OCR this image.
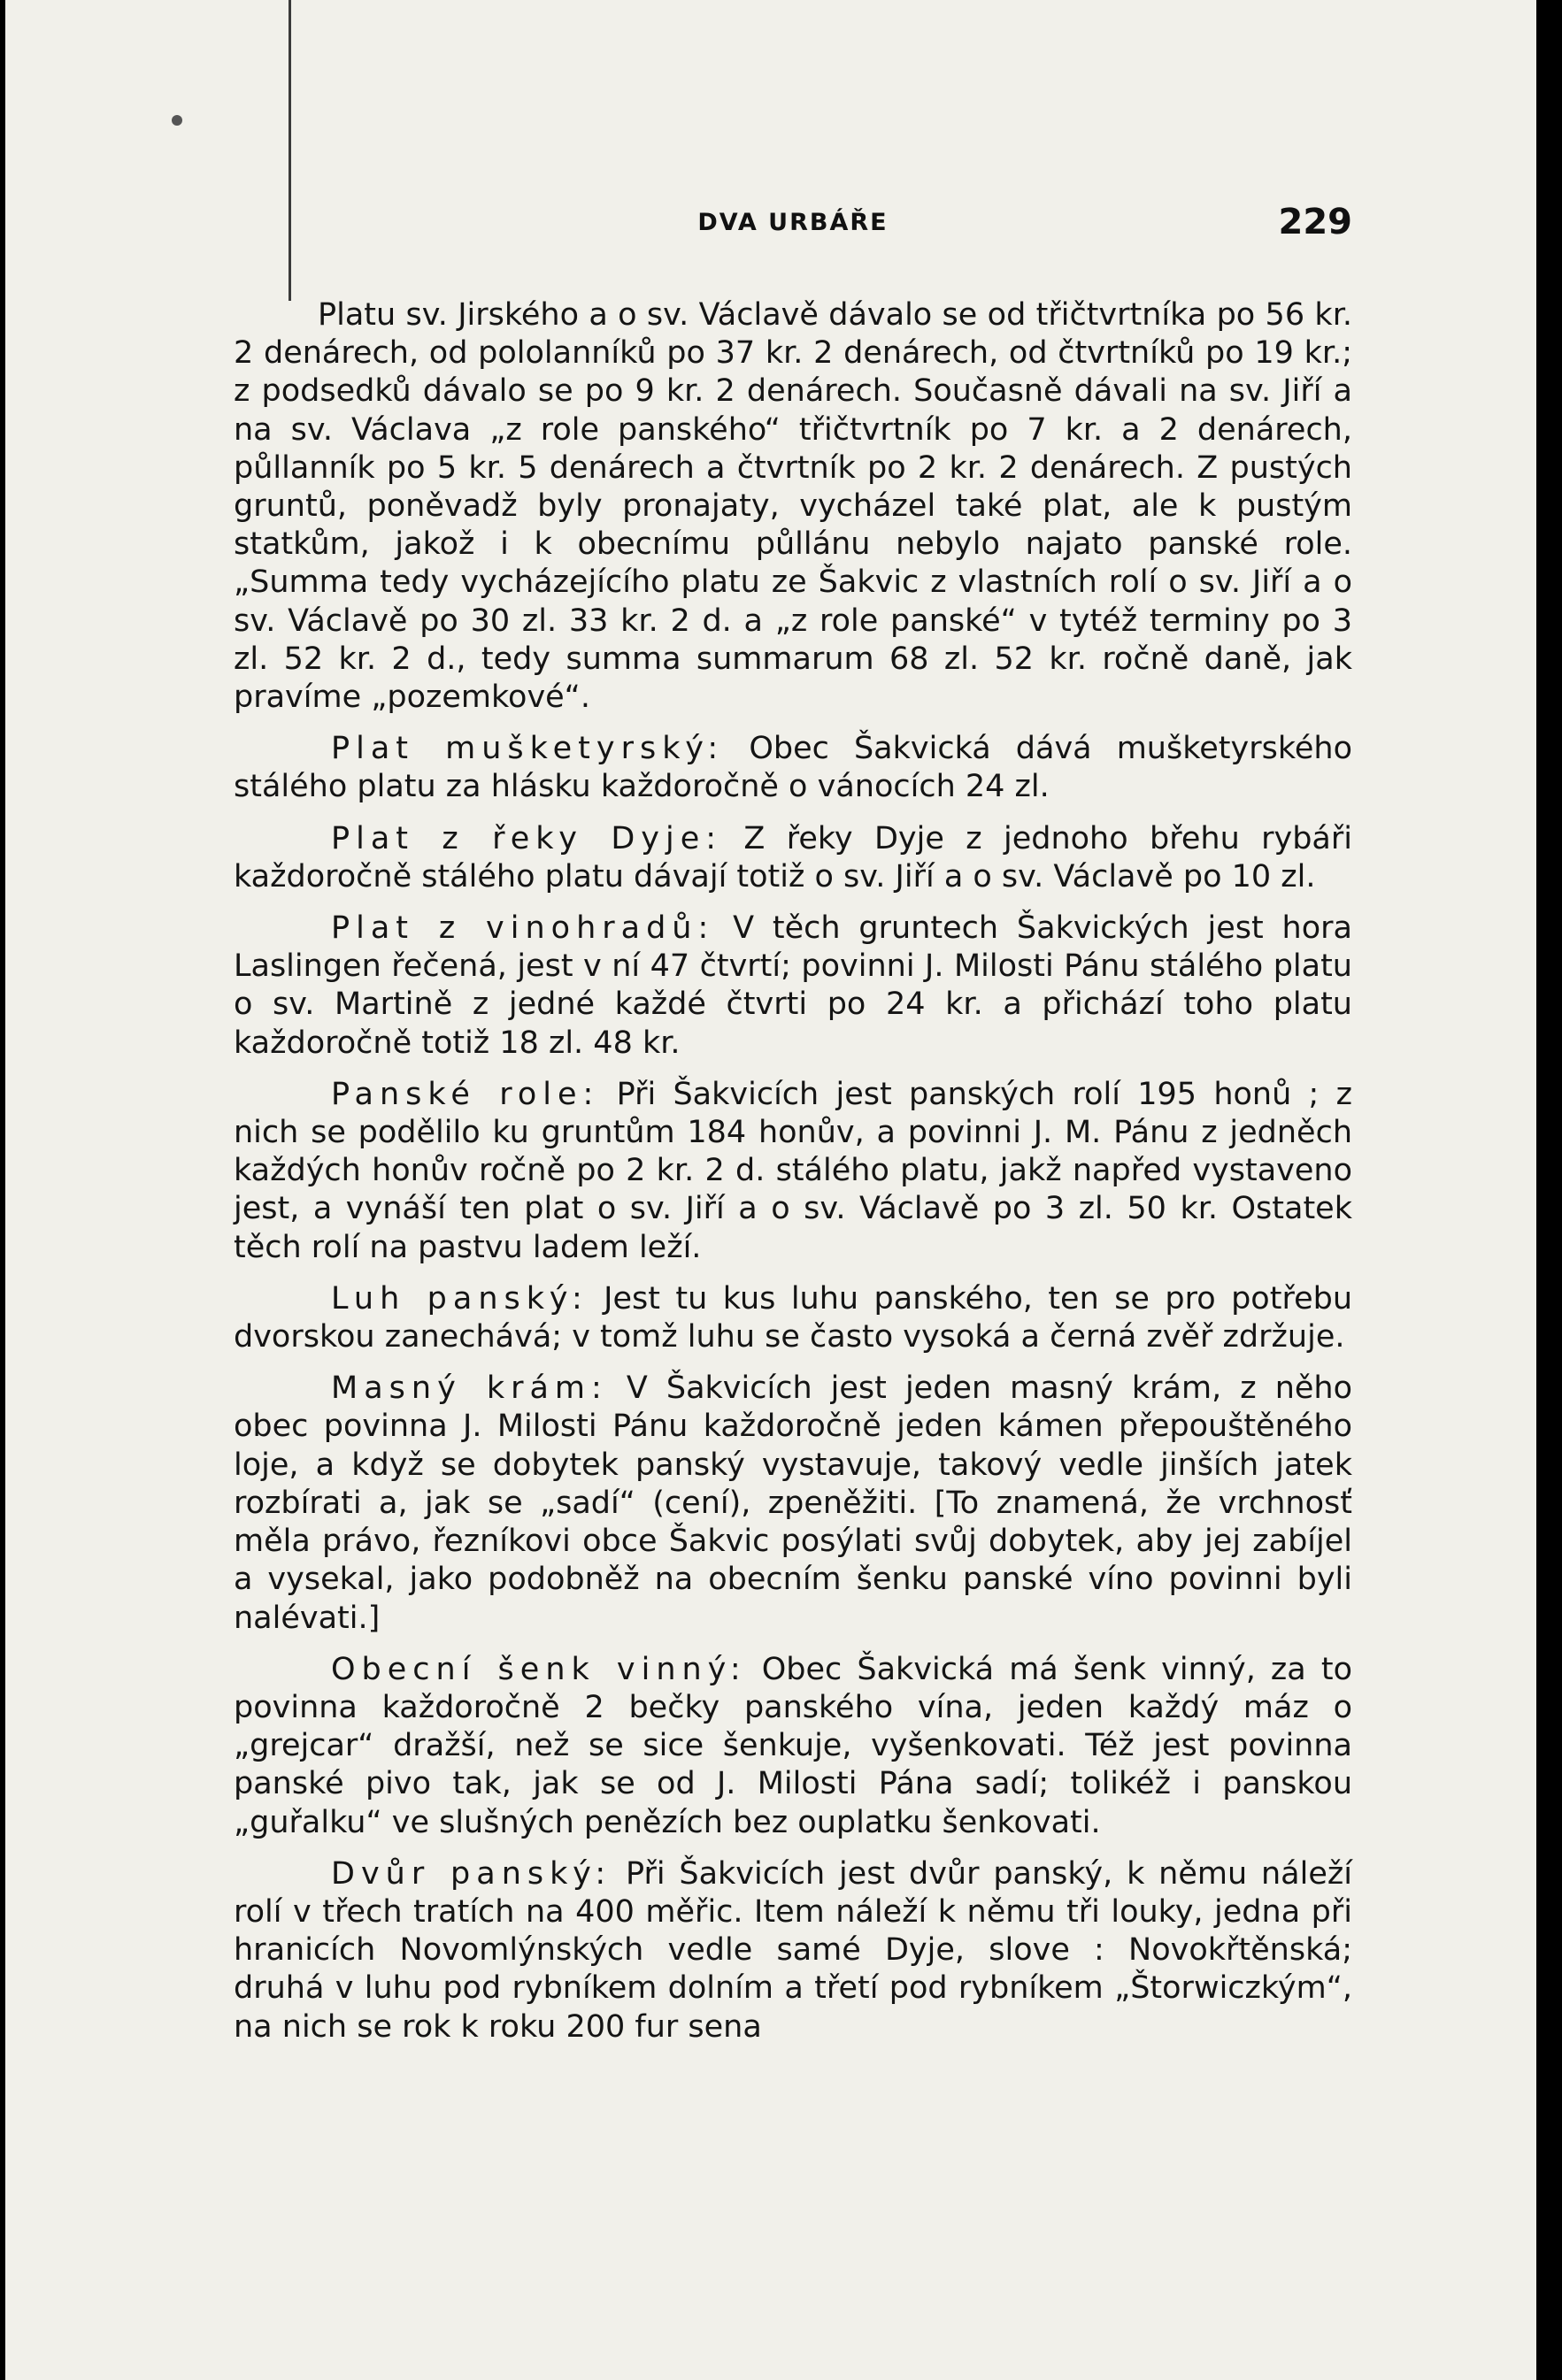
DVA URBÁŘE	229

Platu sv. Jirského a o sv. Václavě dávalo se od třičtvrtníka po 56 kr. 2 denárech, od pololanníků po 37 kr. 2 denárech, od čtvrtníků po 19 kr.; z podsedků dávalo se po 9 kr. 2 denárech. Současně dávali na sv. Jiří a na sv. Václava „z role panského“ třičtvrtník po 7 kr. a 2 denárech, půllanník po 5 kr. 5 denárech a čtvrtník po 2 kr. 2 denárech. Z pustých gruntů, poněvadž byly pronajaty, vycházel také plat, ale k pustým statkům, jakož i k obecnímu půllánu nebylo najato panské role. „Summa tedy vycházejícího platu ze Šakvic z vlastních rolí o sv. Jiří a o sv. Václavě po 30 zl. 33 kr. 2 d. a „z role panské“ v tytéž terminy po 3 zl. 52 kr. 2 d., tedy summa summarum 68 zl. 52 kr. ročně daně, jak pravíme „pozemkové“.

Plat mušketyrský: Obec Šakvická dává mušketyrského stálého platu za hlásku každoročně o vánocích 24 zl.

Plat z řeky Dyje: Z řeky Dyje z jednoho břehu rybáři každoročně stálého platu dávají totiž o sv. Jiří a o sv. Václavě po 10 zl.

Plat z vinohradů: V těch gruntech Šakvických jest hora Laslingen řečená, jest v ní 47 čtvrtí; povinni J. Milosti Pánu stálého platu o sv. Martině z jedné každé čtvrti po 24 kr. a přichází toho platu každoročně totiž 18 zl. 48 kr.

Panské role: Při Šakvicích jest panských rolí 195 honů ; z nich se podělilo ku gruntům 184 honův, a povinni J. M. Pánu z jedněch každých honův ročně po 2 kr. 2 d. stálého platu, jakž napřed vystaveno jest, a vynáší ten plat o sv. Jiří a o sv. Václavě po 3 zl. 50 kr. Ostatek těch rolí na pastvu ladem leží.

Luh panský: Jest tu kus luhu panského, ten se pro potřebu dvorskou zanechává; v tomž luhu se často vysoká a černá zvěř zdržuje.

Masný krám: V Šakvicích jest jeden masný krám, z něho obec povinna J. Milosti Pánu každoročně jeden kámen přepouštěného loje, a když se dobytek panský vystavuje, takový vedle jinších jatek rozbírati a, jak se „sadí“ (cení), zpeněžiti. [To znamená, že vrchnosť měla právo, řezníkovi obce Šakvic posýlati svůj dobytek, aby jej zabíjel a vysekal, jako podobněž na obecním šenku panské víno povinni byli nalévati.]

Obecní šenk vinný: Obec Šakvická má šenk vinný, za to povinna každoročně 2 bečky panského vína, jeden každý máz o „grejcar“ dražší, než se sice šenkuje, vyšenkovati. Též jest povinna panské pivo tak, jak se od J. Milosti Pána sadí; tolikéž i panskou „guřalku“ ve slušných penězích bez ouplatku šenkovati.

Dvůr panský: Při Šakvicích jest dvůr panský, k němu náleží rolí v třech tratích na 400 měřic. Item náleží k němu tři louky, jedna při hranicích Novomlýnských vedle samé Dyje, slove : Novokřtěnská; druhá v luhu pod rybníkem dolním a třetí pod rybníkem „Štorwiczkým“, na nich se rok k roku 200 fur sena
